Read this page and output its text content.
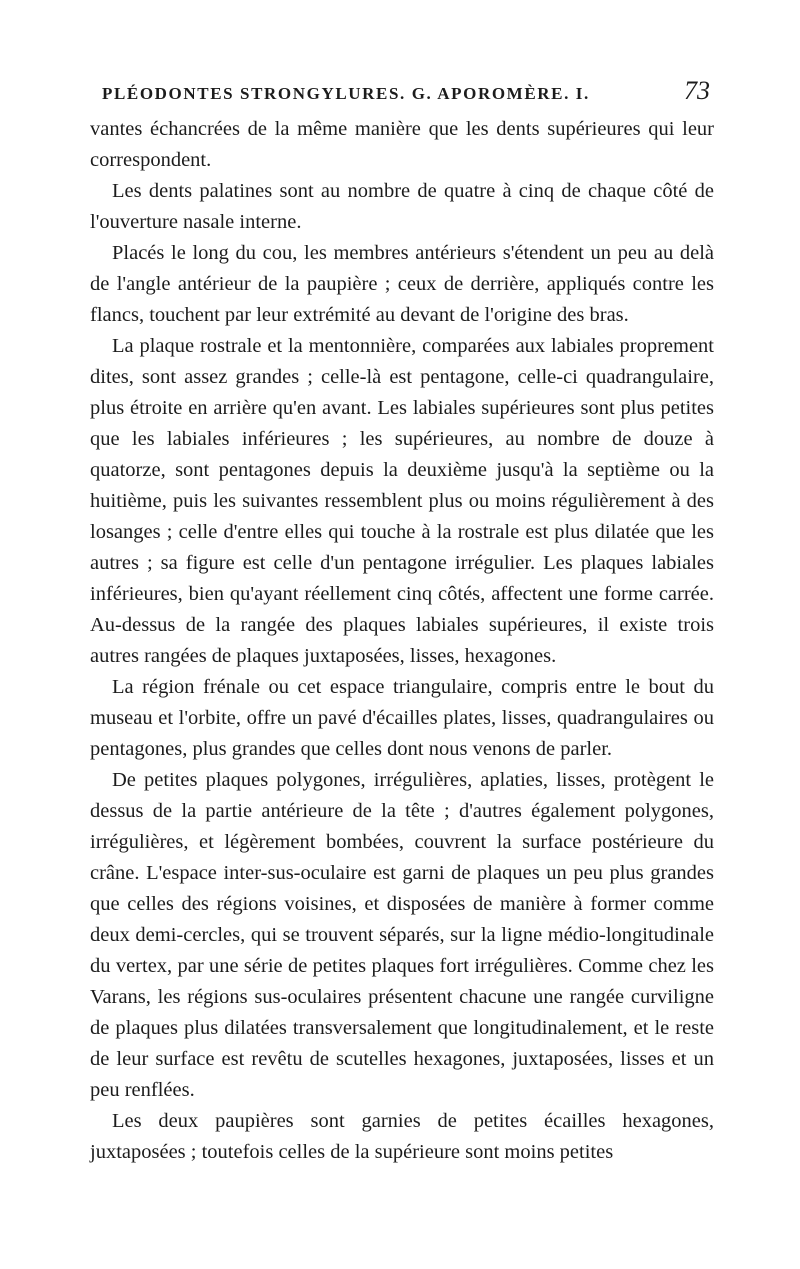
PLÉODONTES STRONGYLURES. G. APOROMÈRE. I.	73

vantes échancrées de la même manière que les dents supérieures qui leur correspondent.

Les dents palatines sont au nombre de quatre à cinq de chaque côté de l'ouverture nasale interne.

Placés le long du cou, les membres antérieurs s'étendent un peu au delà de l'angle antérieur de la paupière ; ceux de derrière, appliqués contre les flancs, touchent par leur extrémité au devant de l'origine des bras.

La plaque rostrale et la mentonnière, comparées aux labiales proprement dites, sont assez grandes ; celle-là est pentagone, celle-ci quadrangulaire, plus étroite en arrière qu'en avant. Les labiales supérieures sont plus petites que les labiales inférieures ; les supérieures, au nombre de douze à quatorze, sont pentagones depuis la deuxième jusqu'à la septième ou la huitième, puis les suivantes ressemblent plus ou moins régulièrement à des losanges ; celle d'entre elles qui touche à la rostrale est plus dilatée que les autres ; sa figure est celle d'un pentagone irrégulier. Les plaques labiales inférieures, bien qu'ayant réellement cinq côtés, affectent une forme carrée. Au-dessus de la rangée des plaques labiales supérieures, il existe trois autres rangées de plaques juxtaposées, lisses, hexagones.

La région frénale ou cet espace triangulaire, compris entre le bout du museau et l'orbite, offre un pavé d'écailles plates, lisses, quadrangulaires ou pentagones, plus grandes que celles dont nous venons de parler.

De petites plaques polygones, irrégulières, aplaties, lisses, protègent le dessus de la partie antérieure de la tête ; d'autres également polygones, irrégulières, et légèrement bombées, couvrent la surface postérieure du crâne. L'espace inter-sus-oculaire est garni de plaques un peu plus grandes que celles des régions voisines, et disposées de manière à former comme deux demi-cercles, qui se trouvent séparés, sur la ligne médio-longitudinale du vertex, par une série de petites plaques fort irrégulières. Comme chez les Varans, les régions sus-oculaires présentent chacune une rangée curviligne de plaques plus dilatées transversalement que longitudinalement, et le reste de leur surface est revêtu de scutelles hexagones, juxtaposées, lisses et un peu renflées.

Les deux paupières sont garnies de petites écailles hexagones, juxtaposées ; toutefois celles de la supérieure sont moins petites
